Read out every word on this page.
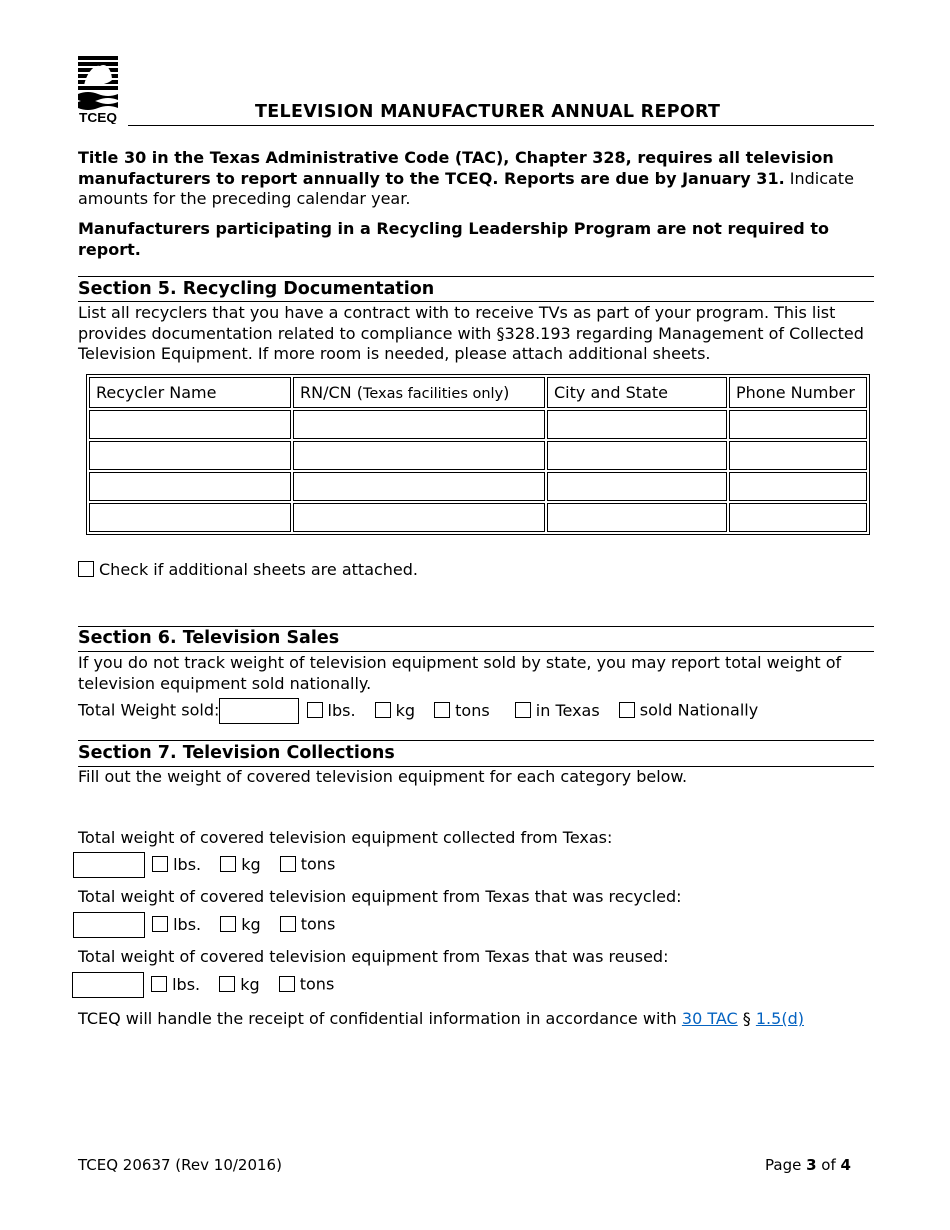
TCEQ	TELEVISION MANUFACTURER ANNUAL REPORT
Title 30 in the Texas Administrative Code (TAC), Chapter 328, requires all television manufacturers to report annually to the TCEQ. Reports are due by January 31. Indicate amounts for the preceding calendar year.
Manufacturers participating in a Recycling Leadership Program are not required to report.
Section 5. Recycling Documentation
List all recyclers that you have a contract with to receive TVs as part of your program. This list provides documentation related to compliance with §328.193 regarding Management of Collected Television Equipment. If more room is needed, please attach additional sheets.
Recycler Name	RN/CN (Texas facilities only)	City and State	Phone Number

Check if additional sheets are attached.
Section 6. Television Sales
If you do not track weight of television equipment sold by state, you may report total weight of television equipment sold nationally.
Total Weight sold:	lbs.	kg	tons	in Texas	sold Nationally
Section 7. Television Collections
Fill out the weight of covered television equipment for each category below.
Total weight of covered television equipment collected from Texas:
lbs.	kg	tons
Total weight of covered television equipment from Texas that was recycled:
lbs.	kg	tons
Total weight of covered television equipment from Texas that was reused:
lbs.	kg	tons
TCEQ will handle the receipt of confidential information in accordance with 30 TAC § 1.5(d)
TCEQ 20637 (Rev 10/2016)	Page 3 of 4
